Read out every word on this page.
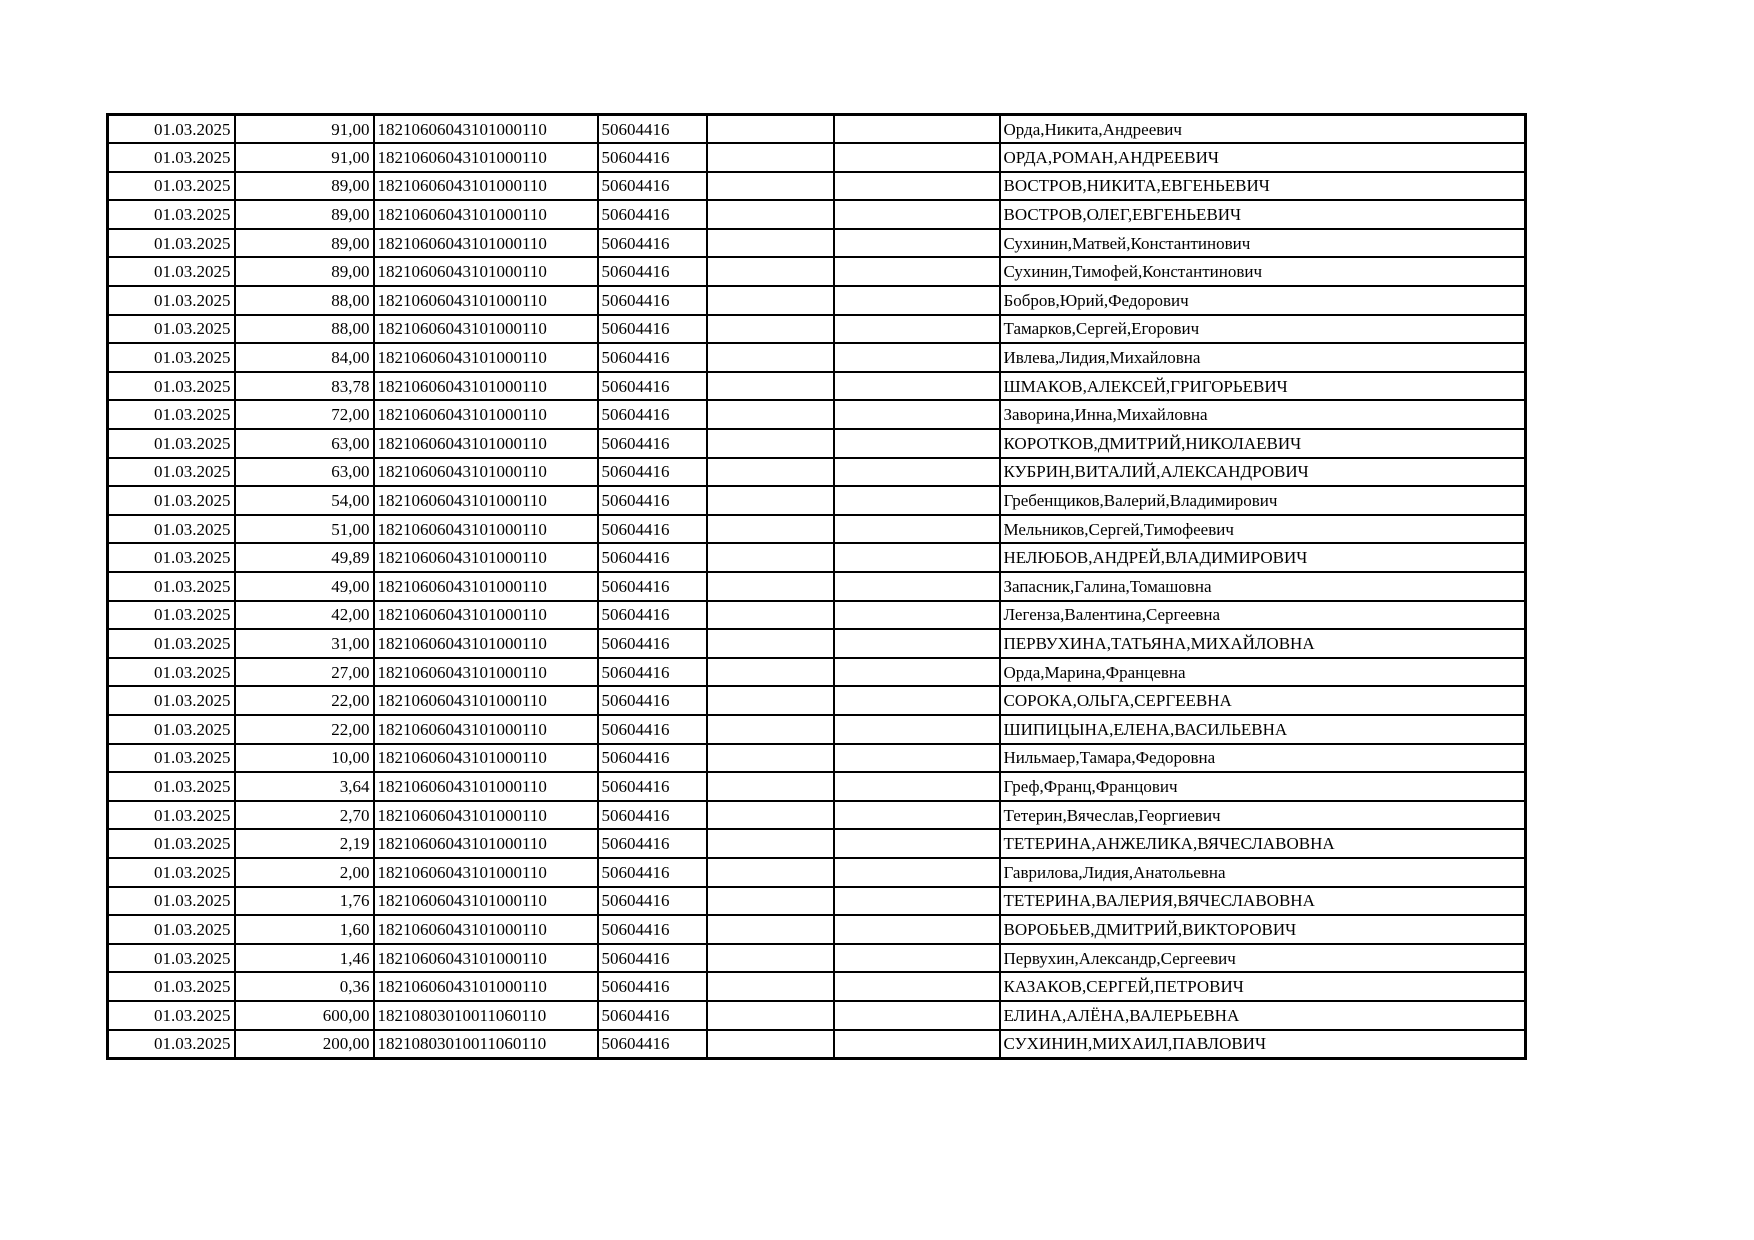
01.03.2025	91,00	18210606043101000110	50604416			Орда,Никита,Андреевич
01.03.2025	91,00	18210606043101000110	50604416			ОРДА,РОМАН,АНДРЕЕВИЧ
01.03.2025	89,00	18210606043101000110	50604416			ВОСТРОВ,НИКИТА,ЕВГЕНЬЕВИЧ
01.03.2025	89,00	18210606043101000110	50604416			ВОСТРОВ,ОЛЕГ,ЕВГЕНЬЕВИЧ
01.03.2025	89,00	18210606043101000110	50604416			Сухинин,Матвей,Константинович
01.03.2025	89,00	18210606043101000110	50604416			Сухинин,Тимофей,Константинович
01.03.2025	88,00	18210606043101000110	50604416			Бобров,Юрий,Федорович
01.03.2025	88,00	18210606043101000110	50604416			Тамарков,Сергей,Егорович
01.03.2025	84,00	18210606043101000110	50604416			Ивлева,Лидия,Михайловна
01.03.2025	83,78	18210606043101000110	50604416			ШМАКОВ,АЛЕКСЕЙ,ГРИГОРЬЕВИЧ
01.03.2025	72,00	18210606043101000110	50604416			Заворина,Инна,Михайловна
01.03.2025	63,00	18210606043101000110	50604416			КОРОТКОВ,ДМИТРИЙ,НИКОЛАЕВИЧ
01.03.2025	63,00	18210606043101000110	50604416			КУБРИН,ВИТАЛИЙ,АЛЕКСАНДРОВИЧ
01.03.2025	54,00	18210606043101000110	50604416			Гребенщиков,Валерий,Владимирович
01.03.2025	51,00	18210606043101000110	50604416			Мельников,Сергей,Тимофеевич
01.03.2025	49,89	18210606043101000110	50604416			НЕЛЮБОВ,АНДРЕЙ,ВЛАДИМИРОВИЧ
01.03.2025	49,00	18210606043101000110	50604416			Запасник,Галина,Томашовна
01.03.2025	42,00	18210606043101000110	50604416			Легенза,Валентина,Сергеевна
01.03.2025	31,00	18210606043101000110	50604416			ПЕРВУХИНА,ТАТЬЯНА,МИХАЙЛОВНА
01.03.2025	27,00	18210606043101000110	50604416			Орда,Марина,Францевна
01.03.2025	22,00	18210606043101000110	50604416			СОРОКА,ОЛЬГА,СЕРГЕЕВНА
01.03.2025	22,00	18210606043101000110	50604416			ШИПИЦЫНА,ЕЛЕНА,ВАСИЛЬЕВНА
01.03.2025	10,00	18210606043101000110	50604416			Нильмаер,Тамара,Федоровна
01.03.2025	3,64	18210606043101000110	50604416			Греф,Франц,Францович
01.03.2025	2,70	18210606043101000110	50604416			Тетерин,Вячеслав,Георгиевич
01.03.2025	2,19	18210606043101000110	50604416			ТЕТЕРИНА,АНЖЕЛИКА,ВЯЧЕСЛАВОВНА
01.03.2025	2,00	18210606043101000110	50604416			Гаврилова,Лидия,Анатольевна
01.03.2025	1,76	18210606043101000110	50604416			ТЕТЕРИНА,ВАЛЕРИЯ,ВЯЧЕСЛАВОВНА
01.03.2025	1,60	18210606043101000110	50604416			ВОРОБЬЕВ,ДМИТРИЙ,ВИКТОРОВИЧ
01.03.2025	1,46	18210606043101000110	50604416			Первухин,Александр,Сергеевич
01.03.2025	0,36	18210606043101000110	50604416			КАЗАКОВ,СЕРГЕЙ,ПЕТРОВИЧ
01.03.2025	600,00	18210803010011060110	50604416			ЕЛИНА,АЛЁНА,ВАЛЕРЬЕВНА
01.03.2025	200,00	18210803010011060110	50604416			СУХИНИН,МИХАИЛ,ПАВЛОВИЧ
